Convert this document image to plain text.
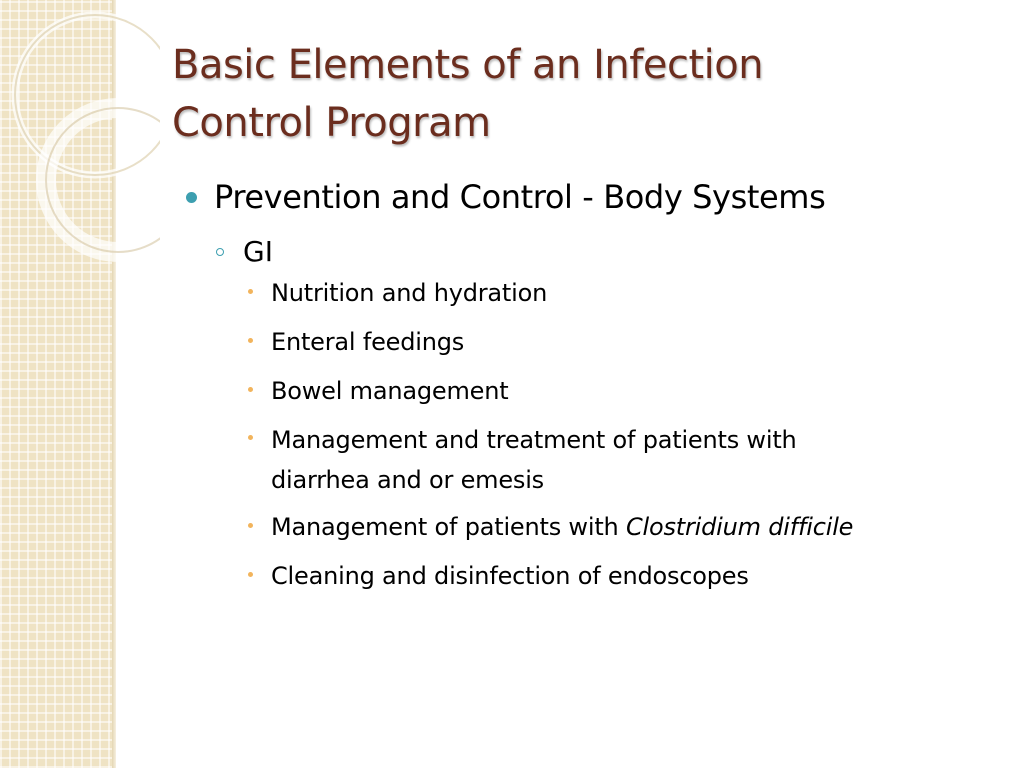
Basic Elements of an Infection
Control Program
Prevention and Control - Body Systems
GI
Nutrition and hydration
Enteral feedings
Bowel management
Management and treatment of patients with
diarrhea and or emesis
Management of patients with Clostridium difficile
Cleaning and disinfection of endoscopes
